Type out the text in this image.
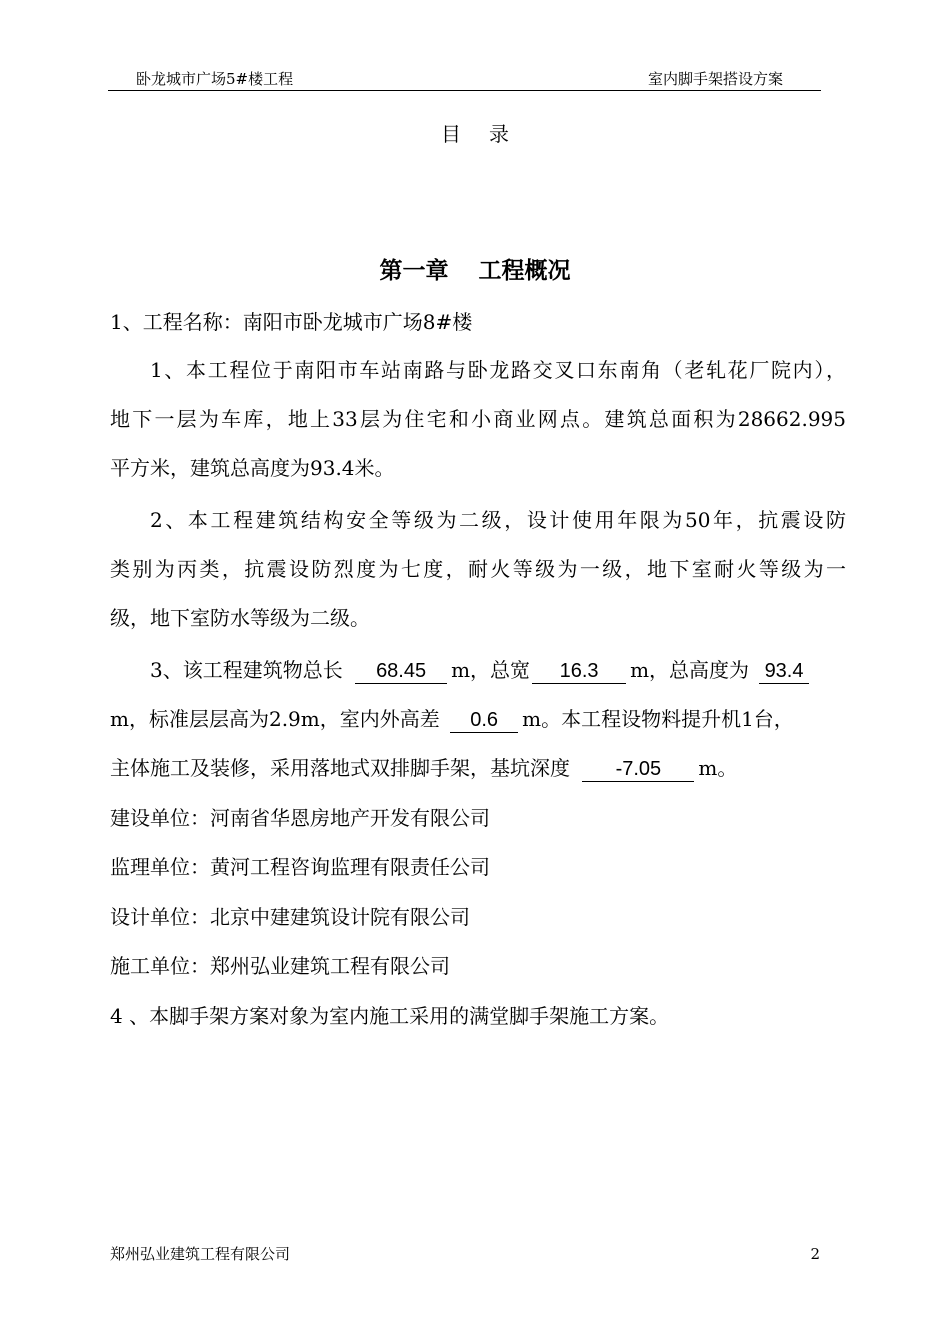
卧龙城市广场5#楼工程	室内脚手架搭设方案
目录
第一章 工程概况
1、工程名称：南阳市卧龙城市广场8#楼
1、本工程位于南阳市车站南路与卧龙路交叉口东南角（老轧花厂院内），
地下一层为车库，地上33层为住宅和小商业网点。建筑总面积为28662.995
平方米，建筑总高度为93.4米。
2、本工程建筑结构安全等级为二级，设计使用年限为50年，抗震设防
类别为丙类，抗震设防烈度为七度，耐火等级为一级，地下室耐火等级为一
级，地下室防水等级为二级。
3、该工程建筑物总长 68.45 m，总宽 16.3 m，总高度为 93.4
m，标准层层高为2.9m，室内外高差 0.6 m。本工程设物料提升机1台，
主体施工及装修，采用落地式双排脚手架，基坑深度 -7.05 m。
建设单位：河南省华恩房地产开发有限公司
监理单位：黄河工程咨询监理有限责任公司
设计单位：北京中建建筑设计院有限公司
施工单位：郑州弘业建筑工程有限公司
4 、本脚手架方案对象为室内施工采用的满堂脚手架施工方案。
郑州弘业建筑工程有限公司	2
